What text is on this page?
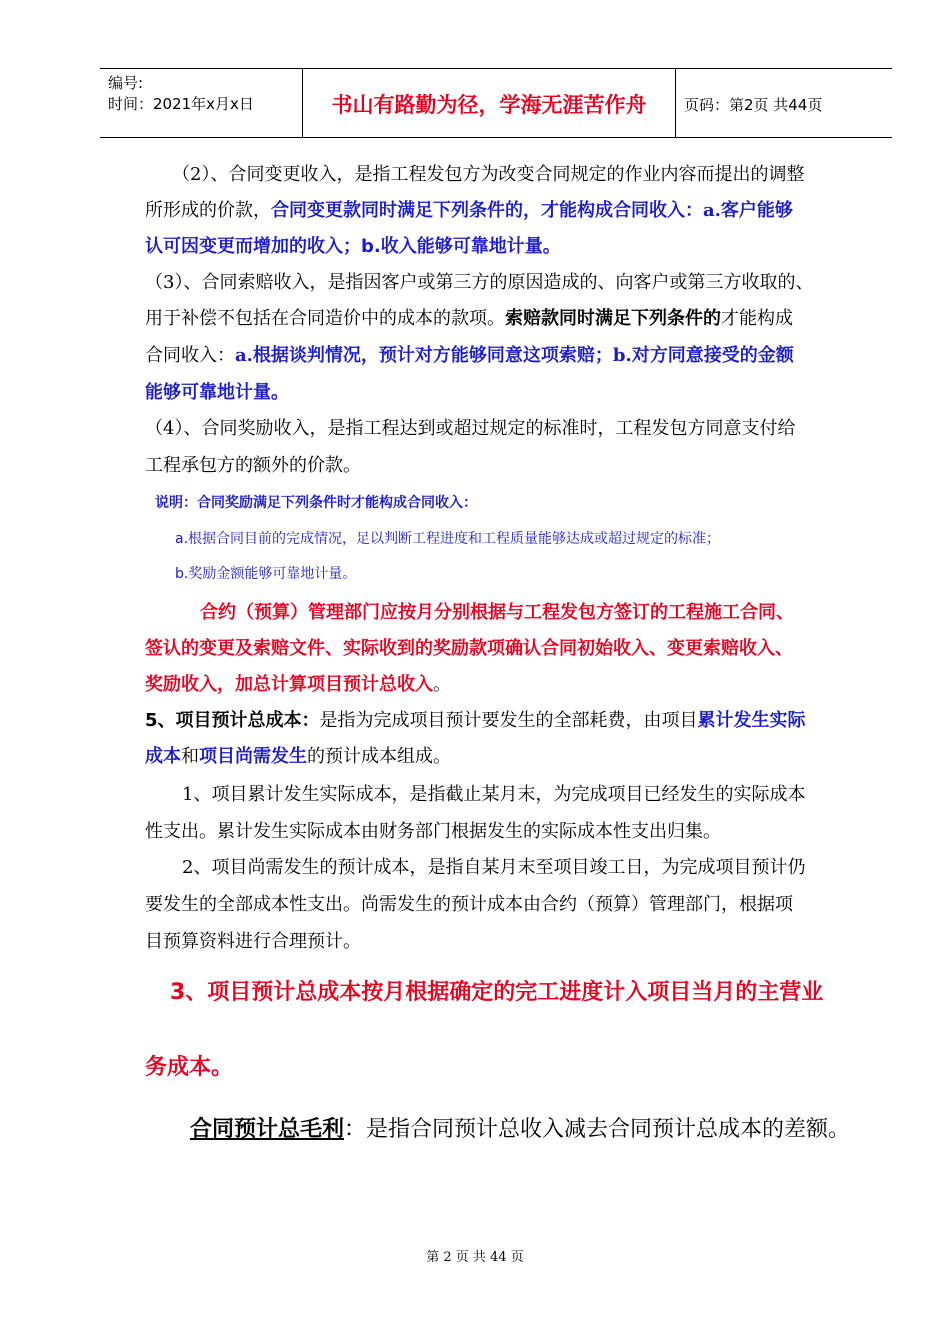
编号:
时间：2021年x月x日	书山有路勤为径，学海无涯苦作舟	页码：第2页 共44页
（2）、合同变更收入，是指工程发包方为改变合同规定的作业内容而提出的调整
所形成的价款，合同变更款同时满足下列条件的，才能构成合同收入：a.客户能够
认可因变更而增加的收入；b.收入能够可靠地计量。
（3）、合同索赔收入，是指因客户或第三方的原因造成的、向客户或第三方收取的、
用于补偿不包括在合同造价中的成本的款项。索赔款同时满足下列条件的才能构成
合同收入：a.根据谈判情况，预计对方能够同意这项索赔；b.对方同意接受的金额
能够可靠地计量。
（4）、合同奖励收入，是指工程达到或超过规定的标准时，工程发包方同意支付给
工程承包方的额外的价款。
说明：合同奖励满足下列条件时才能构成合同收入：
a.根据合同目前的完成情况，足以判断工程进度和工程质量能够达成或超过规定的标准；
b.奖励金额能够可靠地计量。
合约（预算）管理部门应按月分别根据与工程发包方签订的工程施工合同、
签认的变更及索赔文件、实际收到的奖励款项确认合同初始收入、变更索赔收入、
奖励收入，加总计算项目预计总收入。
5、项目预计总成本：是指为完成项目预计要发生的全部耗费，由项目累计发生实际
成本和项目尚需发生的预计成本组成。
1、项目累计发生实际成本，是指截止某月末，为完成项目已经发生的实际成本
性支出。累计发生实际成本由财务部门根据发生的实际成本性支出归集。
2、项目尚需发生的预计成本，是指自某月末至项目竣工日，为完成项目预计仍
要发生的全部成本性支出。尚需发生的预计成本由合约（预算）管理部门，根据项
目预算资料进行合理预计。
3、项目预计总成本按月根据确定的完工进度计入项目当月的主营业
务成本。
合同预计总毛利：是指合同预计总收入减去合同预计总成本的差额。
第 2 页 共 44 页
